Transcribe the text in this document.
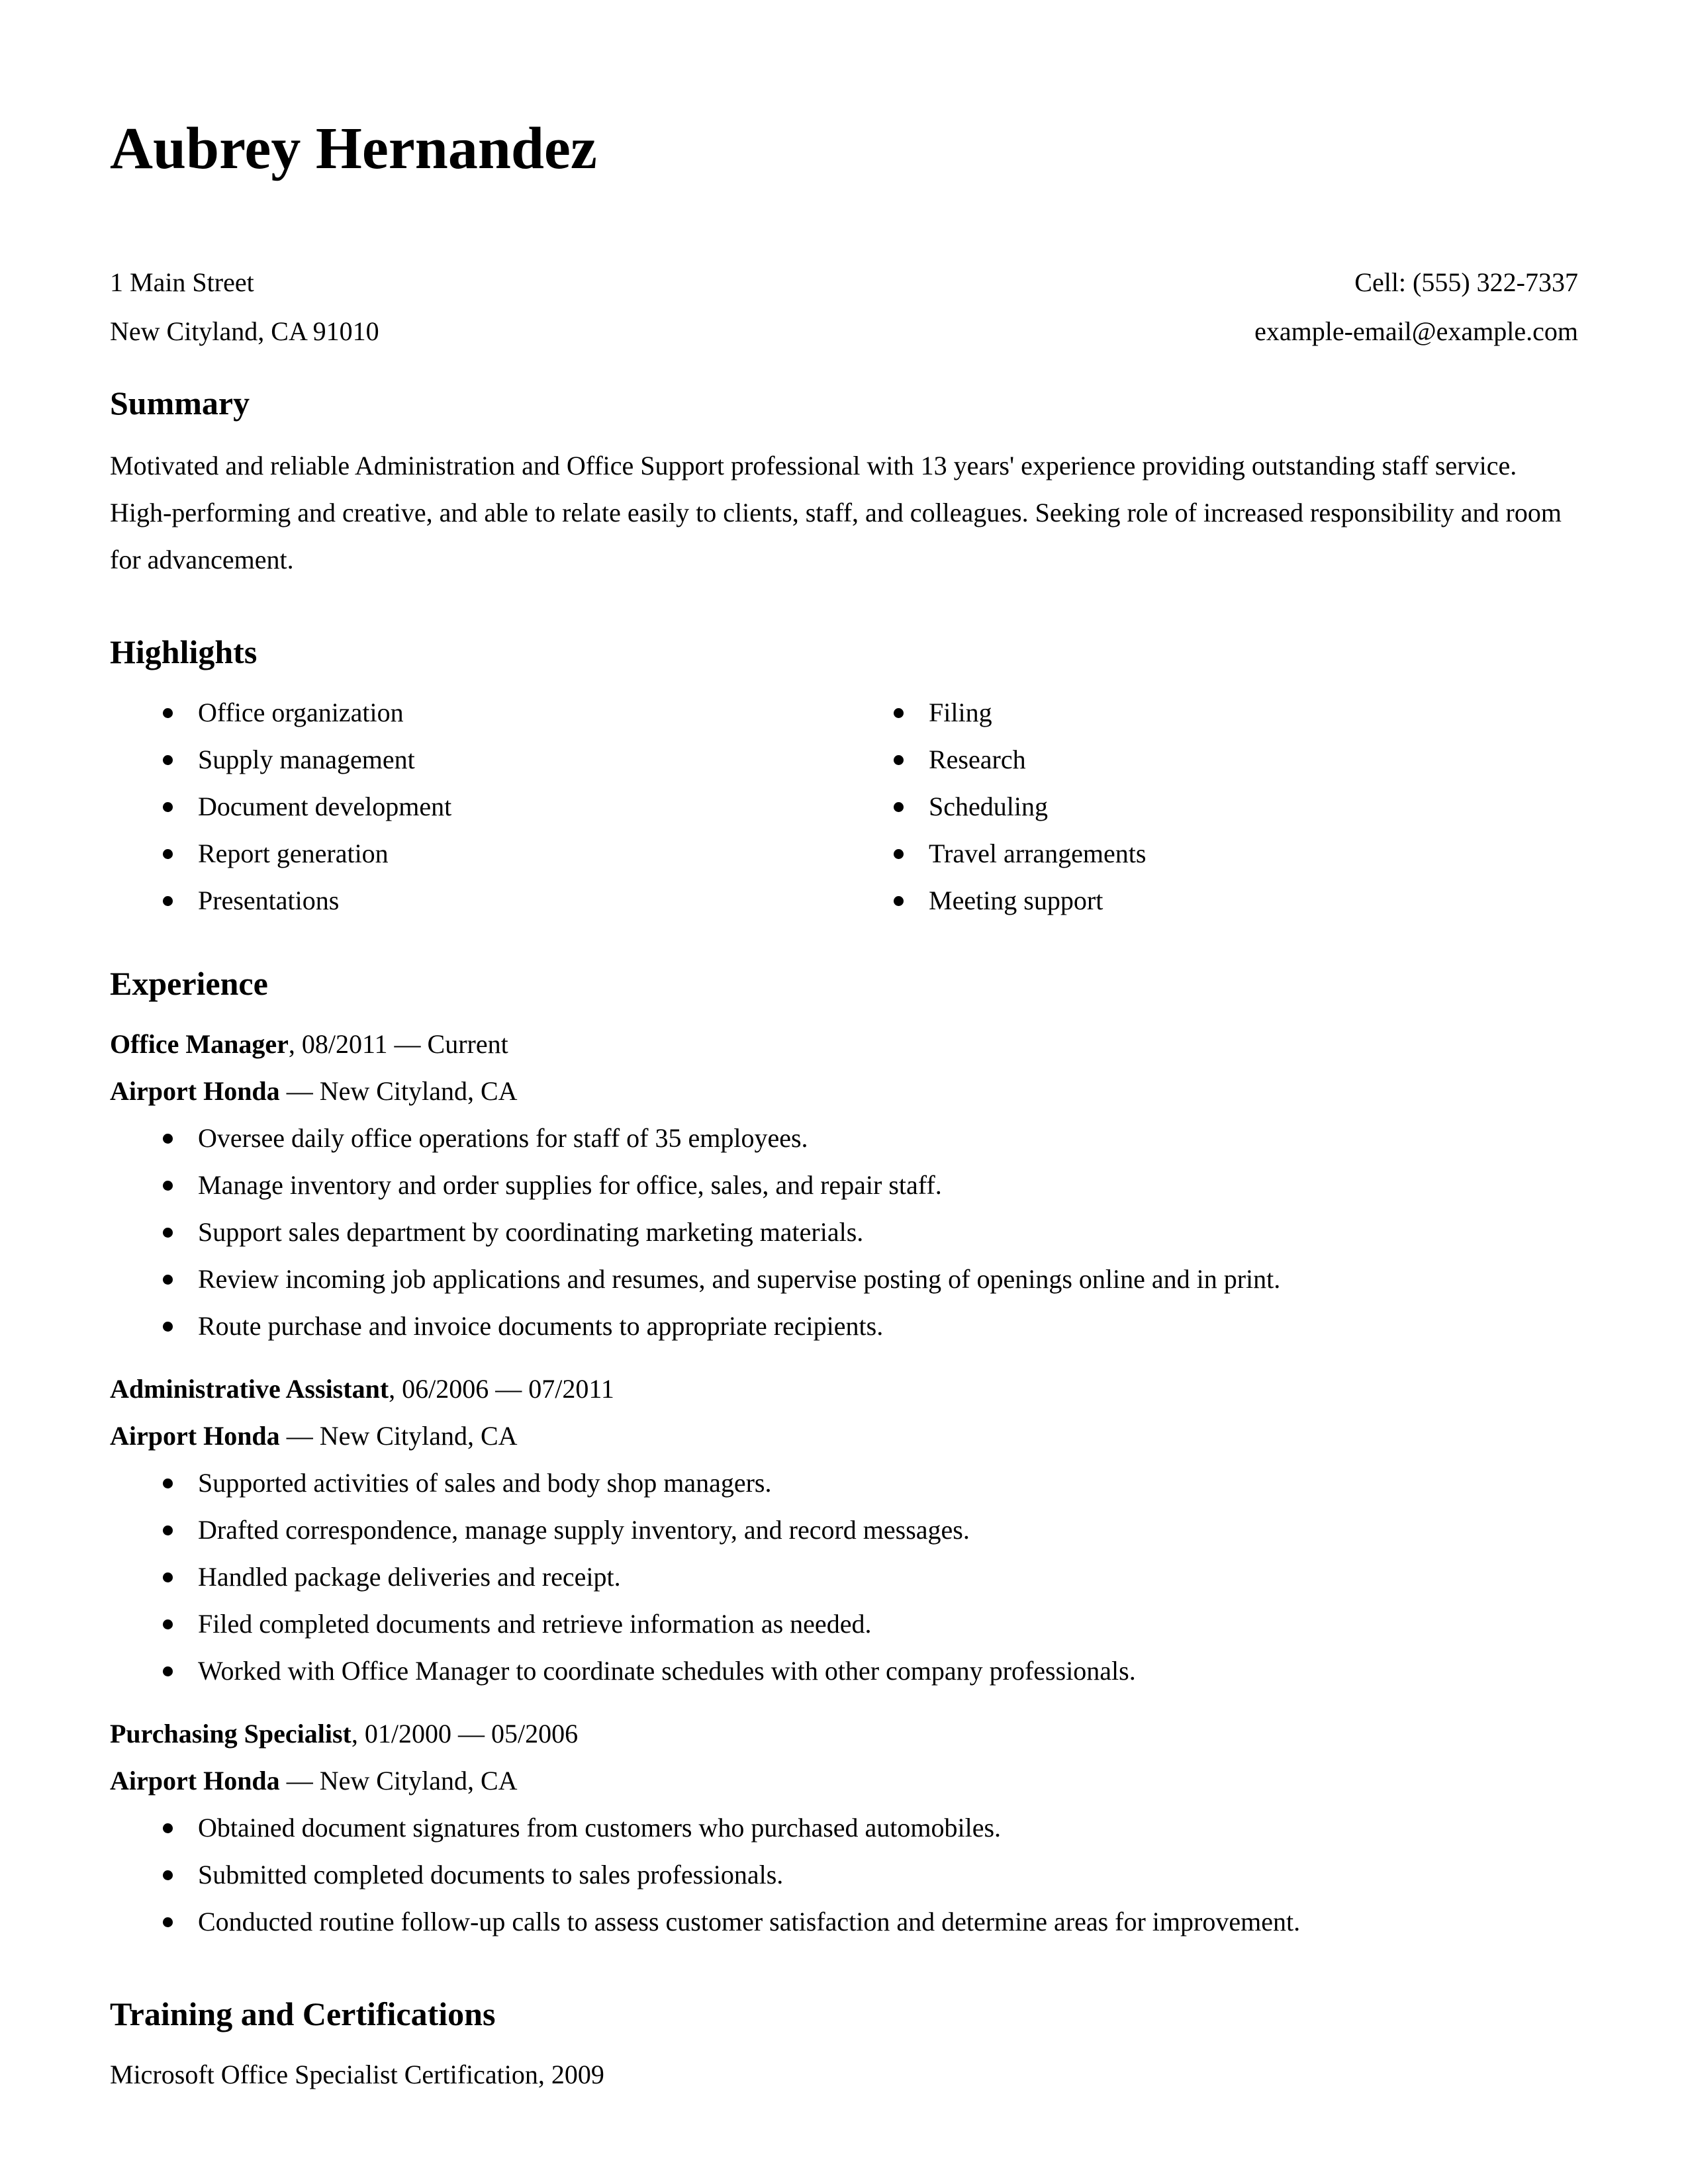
Aubrey Hernandez
1 Main Street
New Cityland, CA 91010
Cell: (555) 322-7337
example-email@example.com
Summary
Motivated and reliable Administration and Office Support professional with 13 years' experience providing outstanding staff service. High-performing and creative, and able to relate easily to clients, staff, and colleagues. Seeking role of increased responsibility and room for advancement.
Highlights
Office organization
Supply management
Document development
Report generation
Presentations
Filing
Research
Scheduling
Travel arrangements
Meeting support
Experience
Office Manager, 08/2011 — Current
Airport Honda — New Cityland, CA
Oversee daily office operations for staff of 35 employees.
Manage inventory and order supplies for office, sales, and repair staff.
Support sales department by coordinating marketing materials.
Review incoming job applications and resumes, and supervise posting of openings online and in print.
Route purchase and invoice documents to appropriate recipients.
Administrative Assistant, 06/2006 — 07/2011
Airport Honda — New Cityland, CA
Supported activities of sales and body shop managers.
Drafted correspondence, manage supply inventory, and record messages.
Handled package deliveries and receipt.
Filed completed documents and retrieve information as needed.
Worked with Office Manager to coordinate schedules with other company professionals.
Purchasing Specialist, 01/2000 — 05/2006
Airport Honda — New Cityland, CA
Obtained document signatures from customers who purchased automobiles.
Submitted completed documents to sales professionals.
Conducted routine follow-up calls to assess customer satisfaction and determine areas for improvement.
Training and Certifications
Microsoft Office Specialist Certification, 2009
